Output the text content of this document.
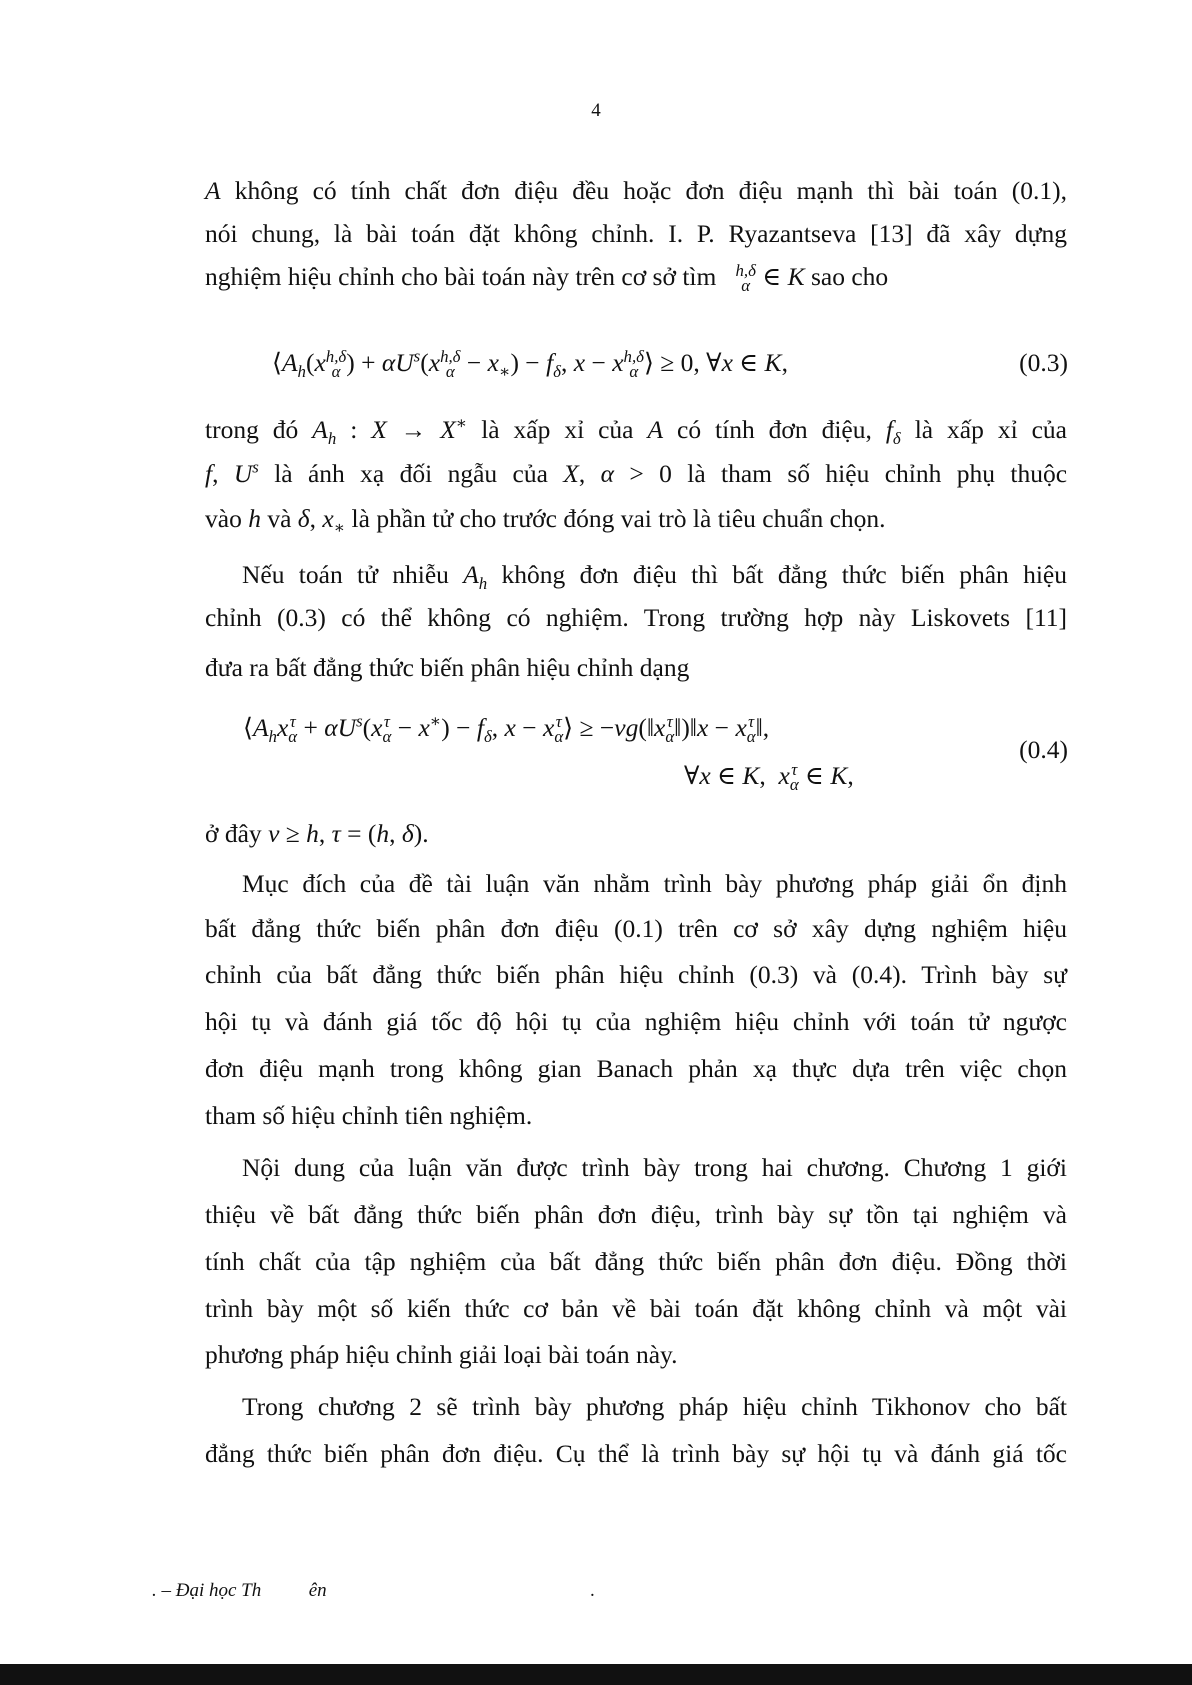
4
A không có tính chất đơn điệu đều hoặc đơn điệu mạnh thì bài toán (0.1),
nói chung, là bài toán đặt không chỉnh. I. P. Ryazantseva [13] đã xây dựng
nghiệm hiệu chỉnh cho bài toán này trên cơ sở tìm h,δ
α ∈ K sao cho
$⟨A_h(x$ h,δ
α ) + $\alpha U^s(x$ h,δ
$\alpha - x_∗) - f_\delta$, x − x h,δ
α ⟩ ≥ 0, ∀x ∈ K,	(0.3)
trong đó $A_h$ : X → X∗ là xấp xỉ của A có tính đơn điệu, $f_\delta$ là xấp xỉ của
f, $U^s$ là ánh xạ đối ngẫu của X, α > 0 là tham số hiệu chỉnh phụ thuộc
vào h và δ, $x_∗$ là phần tử cho trước đóng vai trò là tiêu chuẩn chọn.
Nếu toán tử nhiễu $A_h$ không đơn điệu thì bất đẳng thức biến phân hiệu
chỉnh (0.3) có thể không có nghiệm. Trong trường hợp này Liskovets [11]
đưa ra bất đẳng thức biến phân hiệu chỉnh dạng
$⟨A_hx$ τ
$\alpha + \alpha U^s(x$ τ
$\alpha - x^∗) - f_\delta$, x − x τ
α ⟩ ≥ −νg(‖x τ
α ‖)‖x − x τ
α ‖,
∀x ∈ K,  x τ
α ∈ K,
(0.4)
ở đây ν ≥ h, τ = (h, δ).
Mục đích của đề tài luận văn nhằm trình bày phương pháp giải ổn định
bất đẳng thức biến phân đơn điệu (0.1) trên cơ sở xây dựng nghiệm hiệu
chỉnh của bất đẳng thức biến phân hiệu chỉnh (0.3) và (0.4). Trình bày sự
hội tụ và đánh giá tốc độ hội tụ của nghiệm hiệu chỉnh với toán tử ngược
đơn điệu mạnh trong không gian Banach phản xạ thực dựa trên việc chọn
tham số hiệu chỉnh tiên nghiệm.
Nội dung của luận văn được trình bày trong hai chương. Chương 1 giới
thiệu về bất đẳng thức biến phân đơn điệu, trình bày sự tồn tại nghiệm và
tính chất của tập nghiệm của bất đẳng thức biến phân đơn điệu. Đồng thời
trình bày một số kiến thức cơ bản về bài toán đặt không chỉnh và một vài
phương pháp hiệu chỉnh giải loại bài toán này.
Trong chương 2 sẽ trình bày phương pháp hiệu chỉnh Tikhonov cho bất
đẳng thức biến phân đơn điệu. Cụ thể là trình bày sự hội tụ và đánh giá tốc
. – Đại học Th	ên	.
